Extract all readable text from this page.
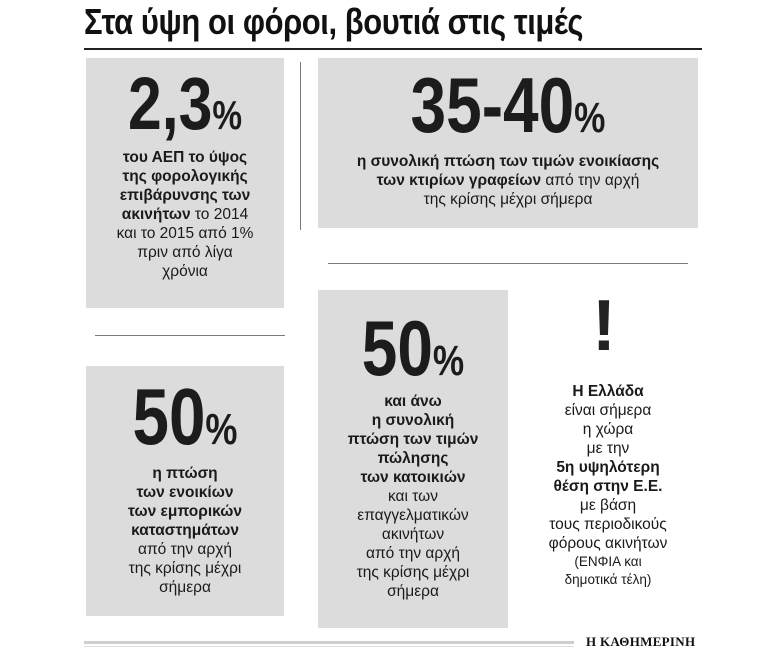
Στα ύψη οι φόροι, βουτιά στις τιμές
2,3%
του ΑΕΠ το ύψος
της φορολογικής
επιβάρυνσης των
ακινήτων το 2014
και το 2015 από 1%
πριν από λίγα
χρόνια
35-40%
η συνολική πτώση των τιμών ενοικίασης
των κτιρίων γραφείων από την αρχή
της κρίσης μέχρι σήμερα
50%
η πτώση
των ενοικίων
των εμπορικών
καταστημάτων
από την αρχή
της κρίσης μέχρι
σήμερα
50%
και άνω
η συνολική
πτώση των τιμών
πώλησης
των κατοικιών
και των
επαγγελματικών
ακινήτων
από την αρχή
της κρίσης μέχρι
σήμερα
!
Η Ελλάδα
είναι σήμερα
η χώρα
με την
5η υψηλότερη
θέση στην Ε.Ε.
με βάση
τους περιοδικούς
φόρους ακινήτων
(ΕΝΦΙΑ και
δημοτικά τέλη)
Η ΚΑΘΗΜΕΡΙΝΗ
